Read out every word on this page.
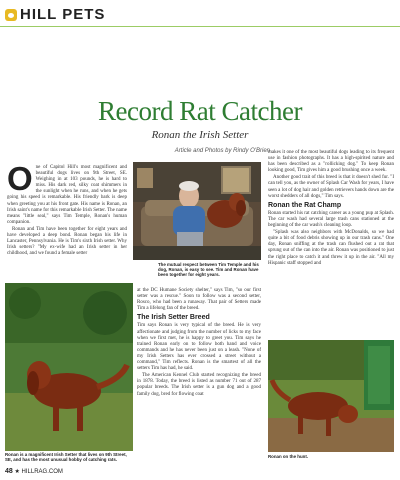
HILL PETS
Record Rat Catcher
Ronan the Irish Setter
Article and Photos by Rindy O'Brien

One of Capitol Hill's most magnificent and beautiful dogs lives on 9th Street, SE. Weighing in at 103 pounds, he is hard to miss. His dark red, silky coat shimmers in the sunlight when he runs, and when he gets going his speed is remarkable. His friendly bark is deep when greeting you at his front gate. His name is Ronan, an Irish saint's name for this remarkable Irish Setter. The name means "little seal," says Tim Temple, Ronan's human companion.

Ronan and Tim have been together for eight years and have developed a deep bond. Ronan began his life in Lancaster, Pennsylvania. He is Tim's sixth Irish setter. Why Irish setters? "My ex-wife had an Irish setter in her childhood, and we found a female setter

The mutual respect between Tim Temple and his dog, Ronan, is easy to see. Tim and Ronan have been together for eight years.

at the DC Humane Society shelter," says Tim, "so our first setter was a rescue." Soon to follow was a second setter, Rosco, who had been a runaway. That pair of Setters made Tim a lifelong fan of the breed.

The Irish Setter Breed

Tim says Ronan is very typical of the breed. He is very affectionate and judging from the number of licks to my face when we first met, he is happy to greet you. Tim says he trained Ronan early on to follow both hand and voice commands and he has never been just on a leash. "None of my Irish Setters has ever crossed a street without a command," Tim reflects. Ronan is the smartest of all the setters Tim has had, he said.

The American Kennel Club started recognizing the breed in 1878. Today, the breed is listed as number 71 out of 287 popular breeds. The Irish setter is a gun dog and a good family dog, bred for flowing coat

makes it one of the most beautiful dogs leading to its frequent use in fashion photographs. It has a high-spirited nature and has been described as a "rollicking dog." To keep Ronan looking good, Tim gives him a good brushing once a week.

Another good trait of this breed is that it doesn't shed fur. "I can tell you, as the owner of Splash Car Wash for years, I have seen a lot of dog hair and golden retrievers hands down are the worst shedders of all dogs," Tim says.

Ronan the Rat Champ

Ronan started his rat catching career as a young pup at Splash. The car wash had several large trash cans stationed at the beginning of the car wash's cleaning loop.

"Splash was also neighbors with McDonalds, so we had quite a bit of food debris showing up in our trash cans." One day, Ronan sniffing at the trash can flushed out a rat that sprung out of the can into the air. Ronan was positioned to just the right place to catch it and threw it up in the air. "All my Hispanic staff stopped and

Ronan is a magnificent Irish Setter that lives on 9th Street, SE, and has the most unusual hobby of catching rats.
Ronan on the hunt.
48 ★ HILLRAG.COM
